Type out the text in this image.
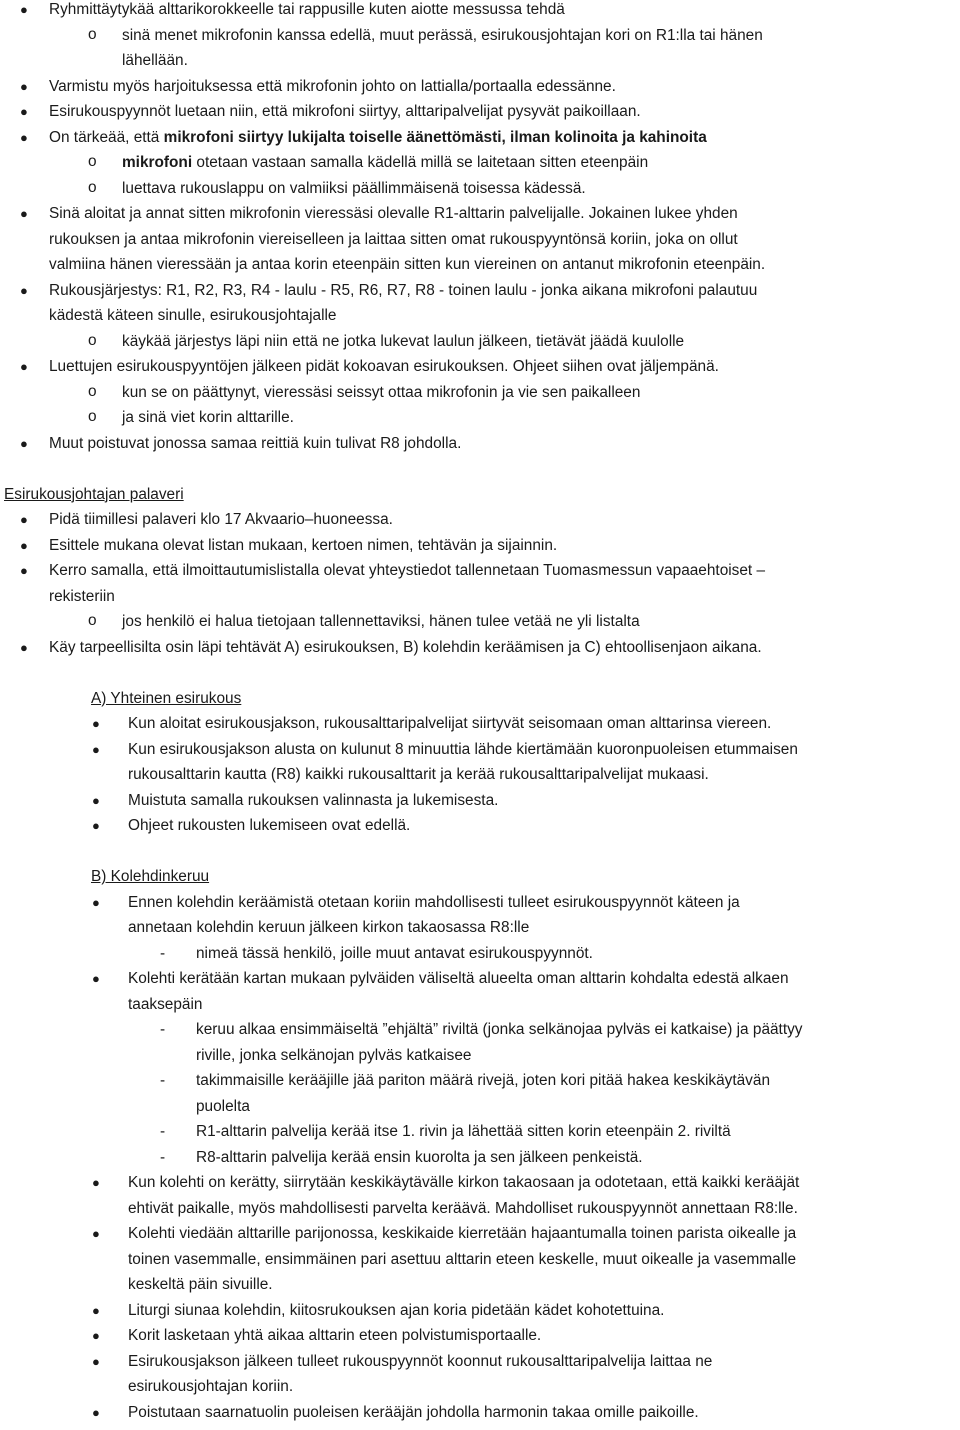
● Ryhmittäytykää alttarikorokkeelle tai rappusille kuten aiotte messussa tehdä
o sinä menet mikrofonin kanssa edellä, muut perässä, esirukousjohtajan kori on R1:lla tai hänen
lähellään.
● Varmistu myös harjoituksessa että mikrofonin johto on lattialla/portaalla edessänne.
● Esirukouspyynnöt luetaan niin, että mikrofoni siirtyy, alttaripalvelijat pysyvät paikoillaan.
● On tärkeää, että mikrofoni siirtyy lukijalta toiselle äänettömästi, ilman kolinoita ja kahinoita
o mikrofoni otetaan vastaan samalla kädellä millä se laitetaan sitten eteenpäin
o luettava rukouslappu on valmiiksi päällimmäisenä toisessa kädessä.
● Sinä aloitat ja annat sitten mikrofonin vieressäsi olevalle R1-alttarin palvelijalle. Jokainen lukee yhden
rukouksen ja antaa mikrofonin viereiselleen ja laittaa sitten omat rukouspyyntönsä koriin, joka on ollut
valmiina hänen vieressään ja antaa korin eteenpäin sitten kun viereinen on antanut mikrofonin eteenpäin.
● Rukousjärjestys: R1, R2, R3, R4 - laulu - R5, R6, R7, R8 - toinen laulu - jonka aikana mikrofoni palautuu
kädestä käteen sinulle, esirukousjohtajalle
o käykää järjestys läpi niin että ne jotka lukevat laulun jälkeen, tietävät jäädä kuulolle
● Luettujen esirukouspyyntöjen jälkeen pidät kokoavan esirukouksen. Ohjeet siihen ovat jäljempänä.
o kun se on päättynyt, vieressäsi seissyt ottaa mikrofonin ja vie sen paikalleen
o ja sinä viet korin alttarille.
● Muut poistuvat jonossa samaa reittiä kuin tulivat R8 johdolla.
Esirukousjohtajan palaveri
● Pidä tiimillesi palaveri klo 17 Akvaario–huoneessa.
● Esittele mukana olevat listan mukaan, kertoen nimen, tehtävän ja sijainnin.
● Kerro samalla, että ilmoittautumislistalla olevat yhteystiedot tallennetaan Tuomasmessun vapaaehtoiset –
rekisteriin
o jos henkilö ei halua tietojaan tallennettaviksi, hänen tulee vetää ne yli listalta
● Käy tarpeellisilta osin läpi tehtävät A) esirukouksen, B) kolehdin keräämisen ja C) ehtoollisenjaon aikana.
A) Yhteinen esirukous
● Kun aloitat esirukousjakson, rukousalttaripalvelijat siirtyvät seisomaan oman alttarinsa viereen.
● Kun esirukousjakson alusta on kulunut 8 minuuttia lähde kiertämään kuoronpuoleisen etummaisen
rukousalttarin kautta (R8) kaikki rukousalttarit ja kerää rukousalttaripalvelijat mukaasi.
● Muistuta samalla rukouksen valinnasta ja lukemisesta.
● Ohjeet rukousten lukemiseen ovat edellä.
B) Kolehdinkeruu
● Ennen kolehdin keräämistä otetaan koriin mahdollisesti tulleet esirukouspyynnöt käteen ja
annetaan kolehdin keruun jälkeen kirkon takaosassa R8:lle
- nimeä tässä henkilö, joille muut antavat esirukouspyynnöt.
● Kolehti kerätään kartan mukaan pylväiden väliseltä alueelta oman alttarin kohdalta edestä alkaen
taaksepäin
- keruu alkaa ensimmäiseltä ”ehjältä” riviltä (jonka selkänojaa pylväs ei katkaise) ja päättyy
riville, jonka selkänojan pylväs katkaisee
- takimmaisille kerääjille jää pariton määrä rivejä, joten kori pitää hakea keskikäytävän
puolelta
- R1-alttarin palvelija kerää itse 1. rivin ja lähettää sitten korin eteenpäin 2. riviltä
- R8-alttarin palvelija kerää ensin kuorolta ja sen jälkeen penkeistä.
● Kun kolehti on kerätty, siirrytään keskikäytävälle kirkon takaosaan ja odotetaan, että kaikki kerääjät
ehtivät paikalle, myös mahdollisesti parvelta keräävä. Mahdolliset rukouspyynnöt annettaan R8:lle.
● Kolehti viedään alttarille parijonossa, keskikaide kierretään hajaantumalla toinen parista oikealle ja
toinen vasemmalle, ensimmäinen pari asettuu alttarin eteen keskelle, muut oikealle ja vasemmalle
keskeltä päin sivuille.
● Liturgi siunaa kolehdin, kiitosrukouksen ajan koria pidetään kädet kohotettuina.
● Korit lasketaan yhtä aikaa alttarin eteen polvistumisportaalle.
● Esirukousjakson jälkeen tulleet rukouspyynnöt koonnut rukousalttaripalvelija laittaa ne
esirukousjohtajan koriin.
● Poistutaan saarnatuolin puoleisen kerääjän johdolla harmonin takaa omille paikoille.
